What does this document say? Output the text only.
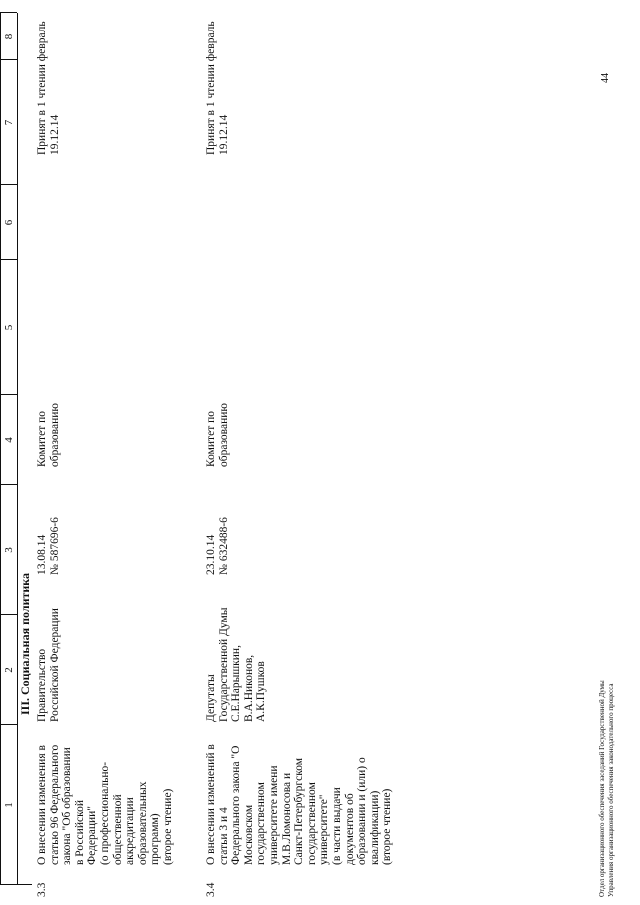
1
2
3
4
5
6
7
8
III. Социальная политика
3.3
О внесении изменения в
статью 96 Федерального
закона "Об образовании
в Российской
Федерации"
(о профессионально-
общественной
аккредитации
образовательных
программ)
(второе чтение)
Правительство
Российской Федерации
13.08.14
№ 587696-6
Комитет по
образованию
Принят в 1 чтении февраль
19.12.14
3.4
О внесении изменений в
статьи 3 и 4
Федерального закона "О
Московском
государственном
университете имени
М.В.Ломоносова и
Санкт-Петербургском
государственном
университете"
(в части выдачи
документов об
образовании и (или) о
квалификации)
(второе чтение)
Депутаты
Государственной Думы
С.Е.Нарышкин,
В.А.Никонов,
А.К.Пушков
23.10.14
№ 632488-6
Комитет по
образованию
Принят в 1 чтении февраль
19.12.14
Отдел организационного обеспечения заседаний Государственной Думы Управления организационного обеспечения законодательного процесса
44
